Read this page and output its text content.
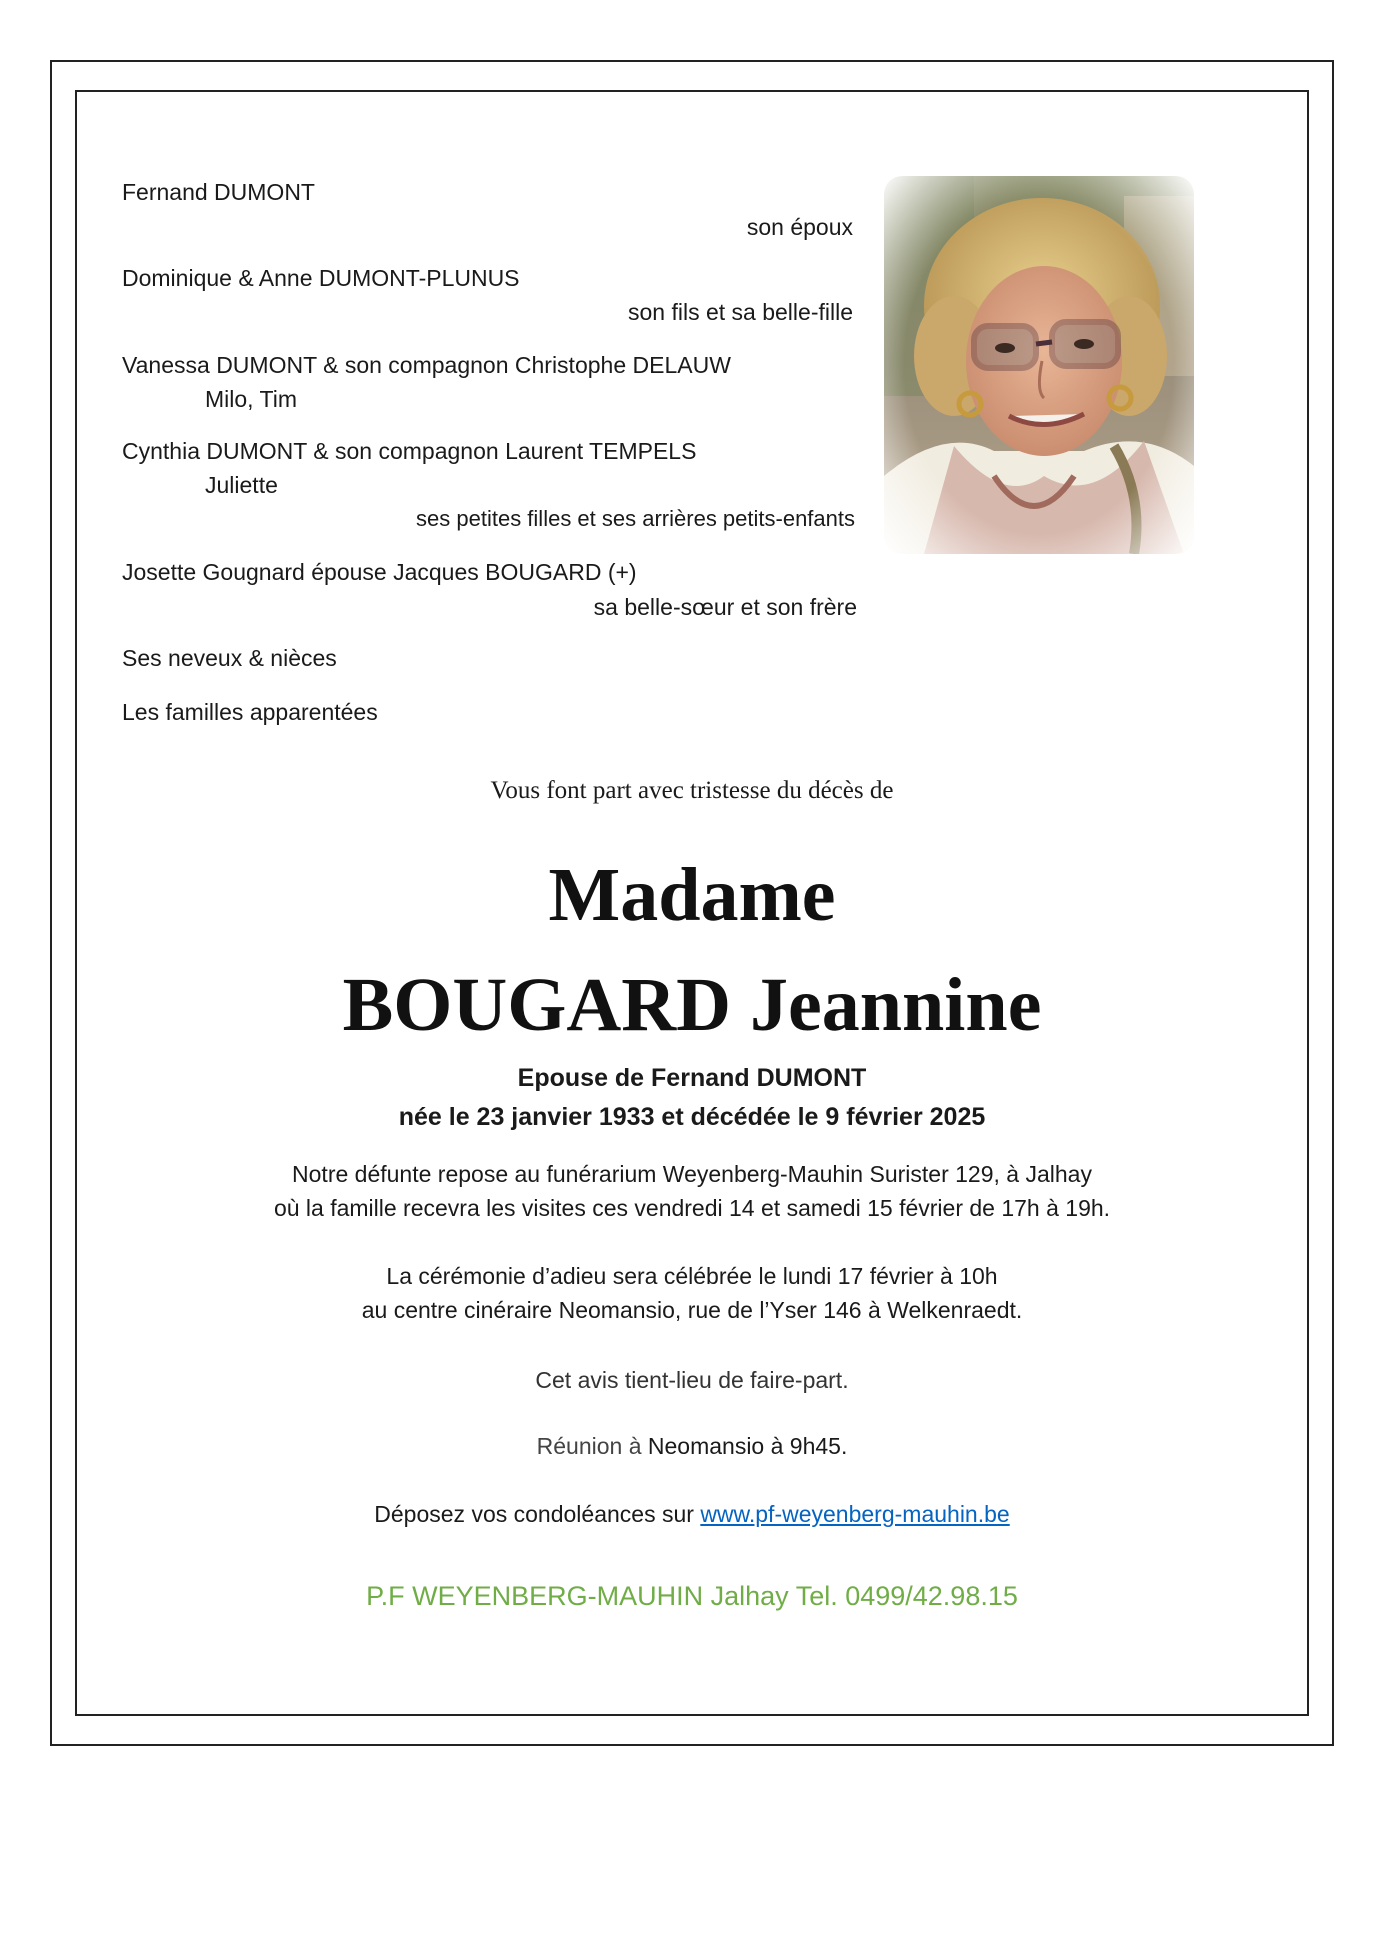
Fernand DUMONT
son époux
Dominique & Anne DUMONT-PLUNUS
son fils et sa belle-fille
Vanessa DUMONT & son compagnon Christophe DELAUW
Milo, Tim
Cynthia DUMONT & son compagnon Laurent TEMPELS
Juliette
ses petites filles et ses arrières petits-enfants
Josette Gougnard épouse Jacques BOUGARD (+)
sa belle-sœur et son frère
Ses neveux & nièces
Les familles apparentées
Vous font part avec tristesse du décès de
Madame
BOUGARD Jeannine
Epouse de Fernand DUMONT
née le 23 janvier 1933 et décédée le 9 février 2025
Notre défunte repose au funérarium Weyenberg-Mauhin Surister 129, à Jalhay
où la famille recevra les visites ces vendredi 14 et samedi 15 février de 17h à 19h.
La cérémonie d’adieu sera célébrée le lundi 17 février à 10h
au centre cinéraire Neomansio, rue de l’Yser 146 à Welkenraedt.
Cet avis tient-lieu de faire-part.
Réunion à Neomansio à 9h45.
Déposez vos condoléances sur www.pf-weyenberg-mauhin.be
P.F WEYENBERG-MAUHIN Jalhay Tel. 0499/42.98.15
